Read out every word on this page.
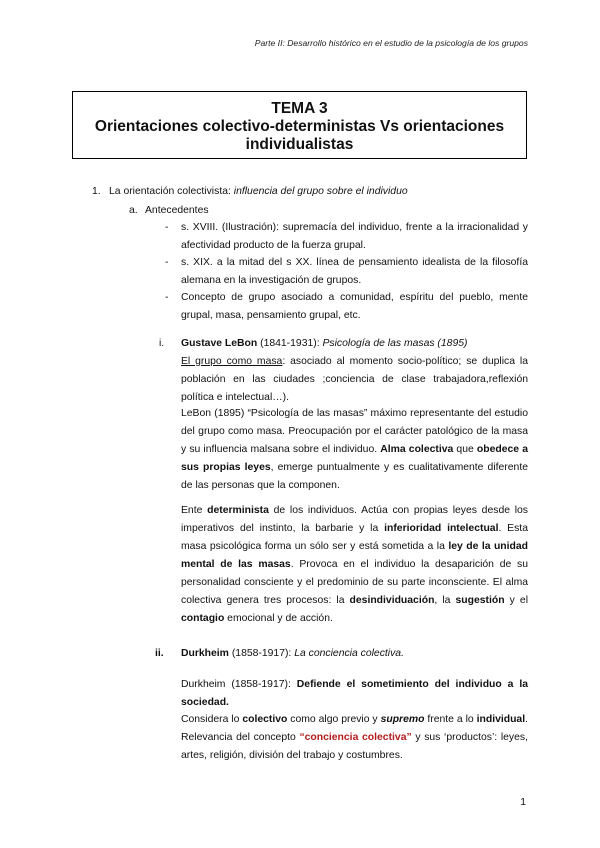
Parte II: Desarrollo histórico en el estudio de la psicología de los grupos
TEMA 3
Orientaciones colectivo-deterministas Vs orientaciones
individualistas
1. La orientación colectivista: influencia del grupo sobre el individuo
a. Antecedentes
- s. XVIII. (Ilustración): supremacía del individuo, frente a la irracionalidad y afectividad producto de la fuerza grupal.
- s. XIX. a la mitad del s XX. línea de pensamiento idealista de la filosofía alemana en la investigación de grupos.
- Concepto de grupo asociado a comunidad, espíritu del pueblo, mente grupal, masa, pensamiento grupal, etc.
i. Gustave LeBon (1841-1931): Psicología de las masas (1895)
El grupo como masa: asociado al momento socio-político; se duplica la población en las ciudades ;conciencia de clase trabajadora,reflexión política e intelectual…).
LeBon (1895) “Psicología de las masas” máximo representante del estudio del grupo como masa. Preocupación por el carácter patológico de la masa y su influencia malsana sobre el individuo. Alma colectiva que obedece a sus propias leyes, emerge puntualmente y es cualitativamente diferente de las personas que la componen.
Ente determinista de los individuos. Actúa con propias leyes desde los imperativos del instinto, la barbarie y la inferioridad intelectual. Esta masa psicológica forma un sólo ser y está sometida a la ley de la unidad mental de las masas. Provoca en el individuo la desaparición de su personalidad consciente y el predominio de su parte inconsciente. El alma colectiva genera tres procesos: la desindividuación, la sugestión y el contagio emocional y de acción.
ii. Durkheim (1858-1917): La conciencia colectiva.
Durkheim (1858-1917): Defiende el sometimiento del individuo a la sociedad.
Considera lo colectivo como algo previo y supremo frente a lo individual. Relevancia del concepto “conciencia colectiva” y sus ‘productos’: leyes, artes, religión, división del trabajo y costumbres.
1
